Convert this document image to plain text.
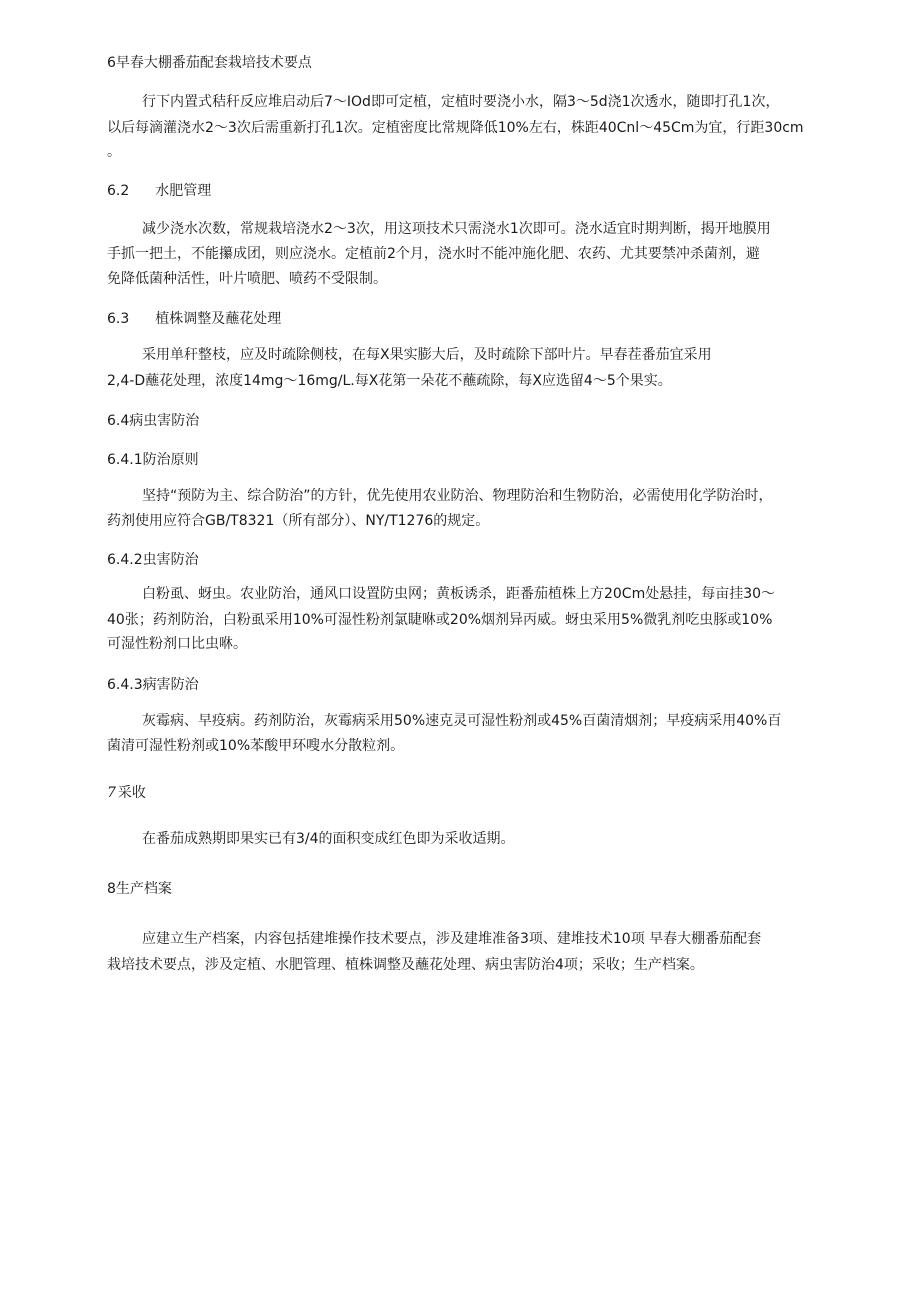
6早春大棚番茄配套栽培技术要点
行下内置式秸秆反应堆启动后7～IOd即可定植，定植时要浇小水，隔3～5d浇1次透水，随即打孔1次，
以后每滴灌浇水2～3次后需重新打孔1次。定植密度比常规降低10%左右，株距40Cnl～45Cm为宜，行距30cm
。
6.2 水肥管理
减少浇水次数，常规栽培浇水2～3次，用这项技术只需浇水1次即可。浇水适宜时期判断，揭开地膜用
手抓一把土，不能攥成团，则应浇水。定植前2个月，浇水时不能冲施化肥、农药、尤其要禁冲杀菌剂，避
免降低菌种活性，叶片喷肥、喷药不受限制。
6.3 植株调整及蘸花处理
采用单秆整枝，应及时疏除侧枝，在每X果实膨大后，及时疏除下部叶片。早春茬番茄宜采用
2,4-D蘸花处理，浓度14mg～16mg∕L.每X花第一朵花不蘸疏除，每X应选留4～5个果实。
6.4病虫害防治
6.4.1防治原则
坚持“预防为主、综合防治”的方针，优先使用农业防治、物理防治和生物防治，必需使用化学防治时，
药剂使用应符合GB/T8321（所有部分）、NY/T1276的规定。
6.4.2虫害防治
白粉虱、蚜虫。农业防治，通风口设置防虫网；黄板诱杀，距番茄植株上方20Cm处悬挂，每亩挂30～
40张；药剂防治，白粉虱采用10%可湿性粉剂氯睫咻或20%烟剂异丙威。蚜虫采用5%微乳剂吃虫豚或10%
可湿性粉剂口比虫咻。
6.4.3病害防治
灰霉病、早疫病。药剂防治，灰霉病采用50%速克灵可湿性粉剂或45%百菌清烟剂；早疫病采用40%百
菌清可湿性粉剂或10%苯酸甲环嗖水分散粒剂。
7 采收
在番茄成熟期即果实已有3/4的面积变成红色即为采收适期。
8生产档案
应建立生产档案，内容包括建堆操作技术要点，涉及建堆准备3项、建堆技术10项 早春大棚番茄配套
栽培技术要点，涉及定植、水肥管理、植株调整及蘸花处理、病虫害防治4项；采收；生产档案。
